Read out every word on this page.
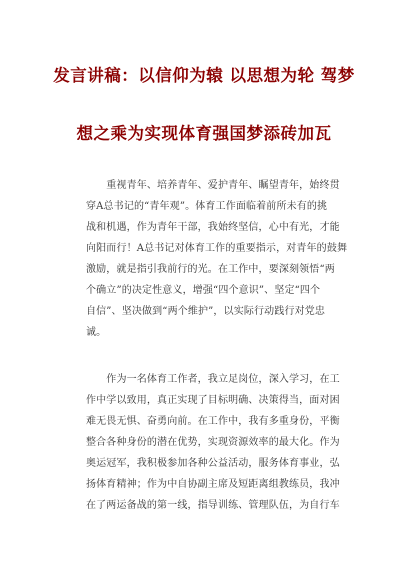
发言讲稿：以信仰为辕 以思想为轮 驾梦
想之乘为实现体育强国梦添砖加瓦
　　重视青年、培养青年、爱护青年、瞩望青年，始终贯
穿A总书记的“青年观”。体育工作面临着前所未有的挑
战和机遇，作为青年干部，我始终坚信，心中有光，才能
向阳而行！A总书记对体育工作的重要指示，对青年的鼓舞
激励，就是指引我前行的光。在工作中，要深刻领悟“两
个确立”的决定性意义，增强“四个意识”、坚定“四个
自信”、坚决做到“两个维护”，以实际行动践行对党忠
诚。
　　作为一名体育工作者，我立足岗位，深入学习，在工
作中学以致用，真正实现了目标明确、决策得当，面对困
难无畏无惧、奋勇向前。在工作中，我有多重身份，平衡
整合各种身份的潜在优势，实现资源效率的最大化。作为
奥运冠军，我积极参加各种公益活动，服务体育事业，弘
扬体育精神；作为中自协副主席及短距离组教练员，我冲
在了两运备战的第一线，指导训练、管理队伍，为自行车
